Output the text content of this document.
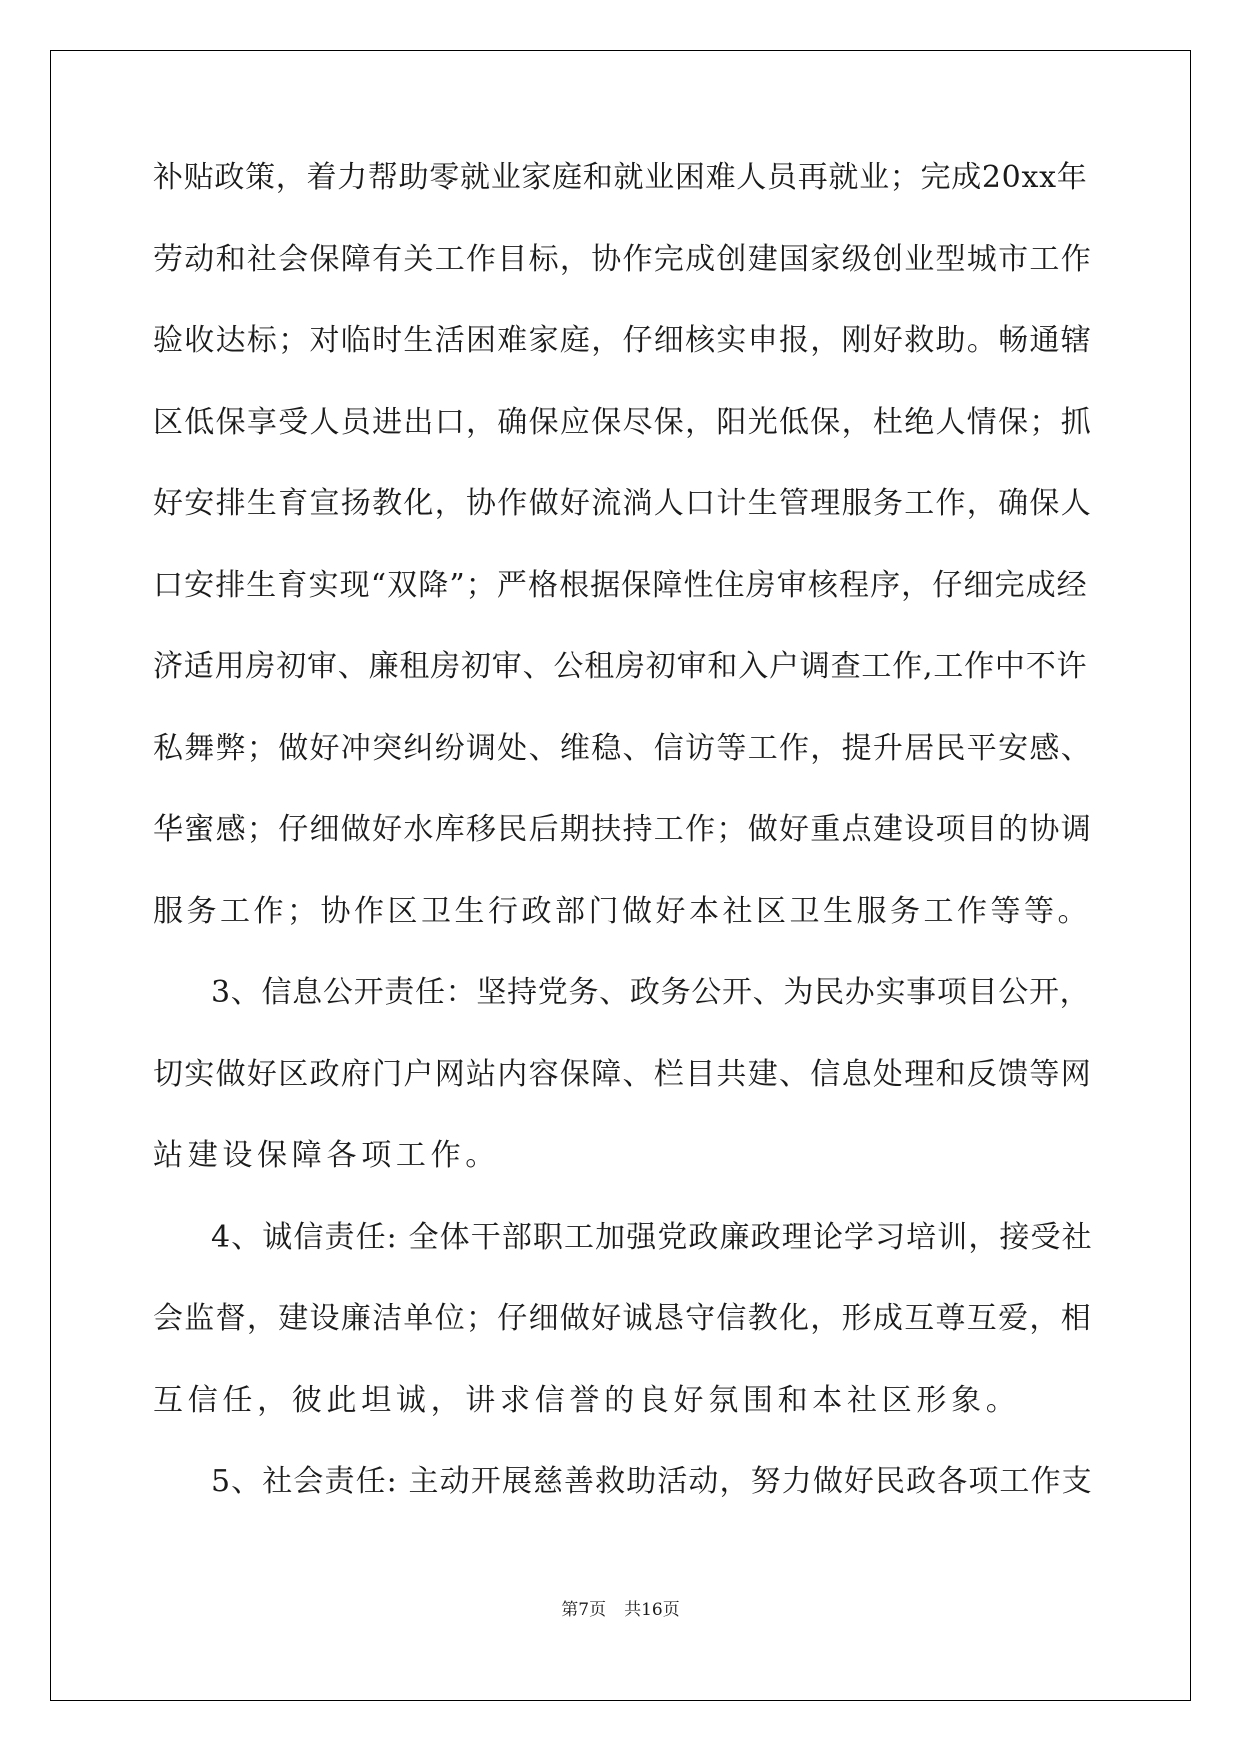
补贴政策，着力帮助零就业家庭和就业困难人员再就业；完成20xx年
劳动和社会保障有关工作目标，协作完成创建国家级创业型城市工作
验收达标；对临时生活困难家庭，仔细核实申报，刚好救助。畅通辖
区低保享受人员进出口，确保应保尽保，阳光低保，杜绝人情保；抓
好安排生育宣扬教化，协作做好流淌人口计生管理服务工作，确保人
口安排生育实现“双降”；严格根据保障性住房审核程序，仔细完成经
济适用房初审、廉租房初审、公租房初审和入户调查工作,工作中不许
私舞弊；做好冲突纠纷调处、维稳、信访等工作，提升居民平安感、
华蜜感；仔细做好水库移民后期扶持工作；做好重点建设项目的协调
服务工作；协作区卫生行政部门做好本社区卫生服务工作等等。
3、信息公开责任：坚持党务、政务公开、为民办实事项目公开，
切实做好区政府门户网站内容保障、栏目共建、信息处理和反馈等网
站建设保障各项工作。
4、诚信责任: 全体干部职工加强党政廉政理论学习培训，接受社
会监督，建设廉洁单位；仔细做好诚恳守信教化，形成互尊互爱，相
互信任，彼此坦诚，讲求信誉的良好氛围和本社区形象。
5、社会责任: 主动开展慈善救助活动，努力做好民政各项工作支
第7页 共16页
